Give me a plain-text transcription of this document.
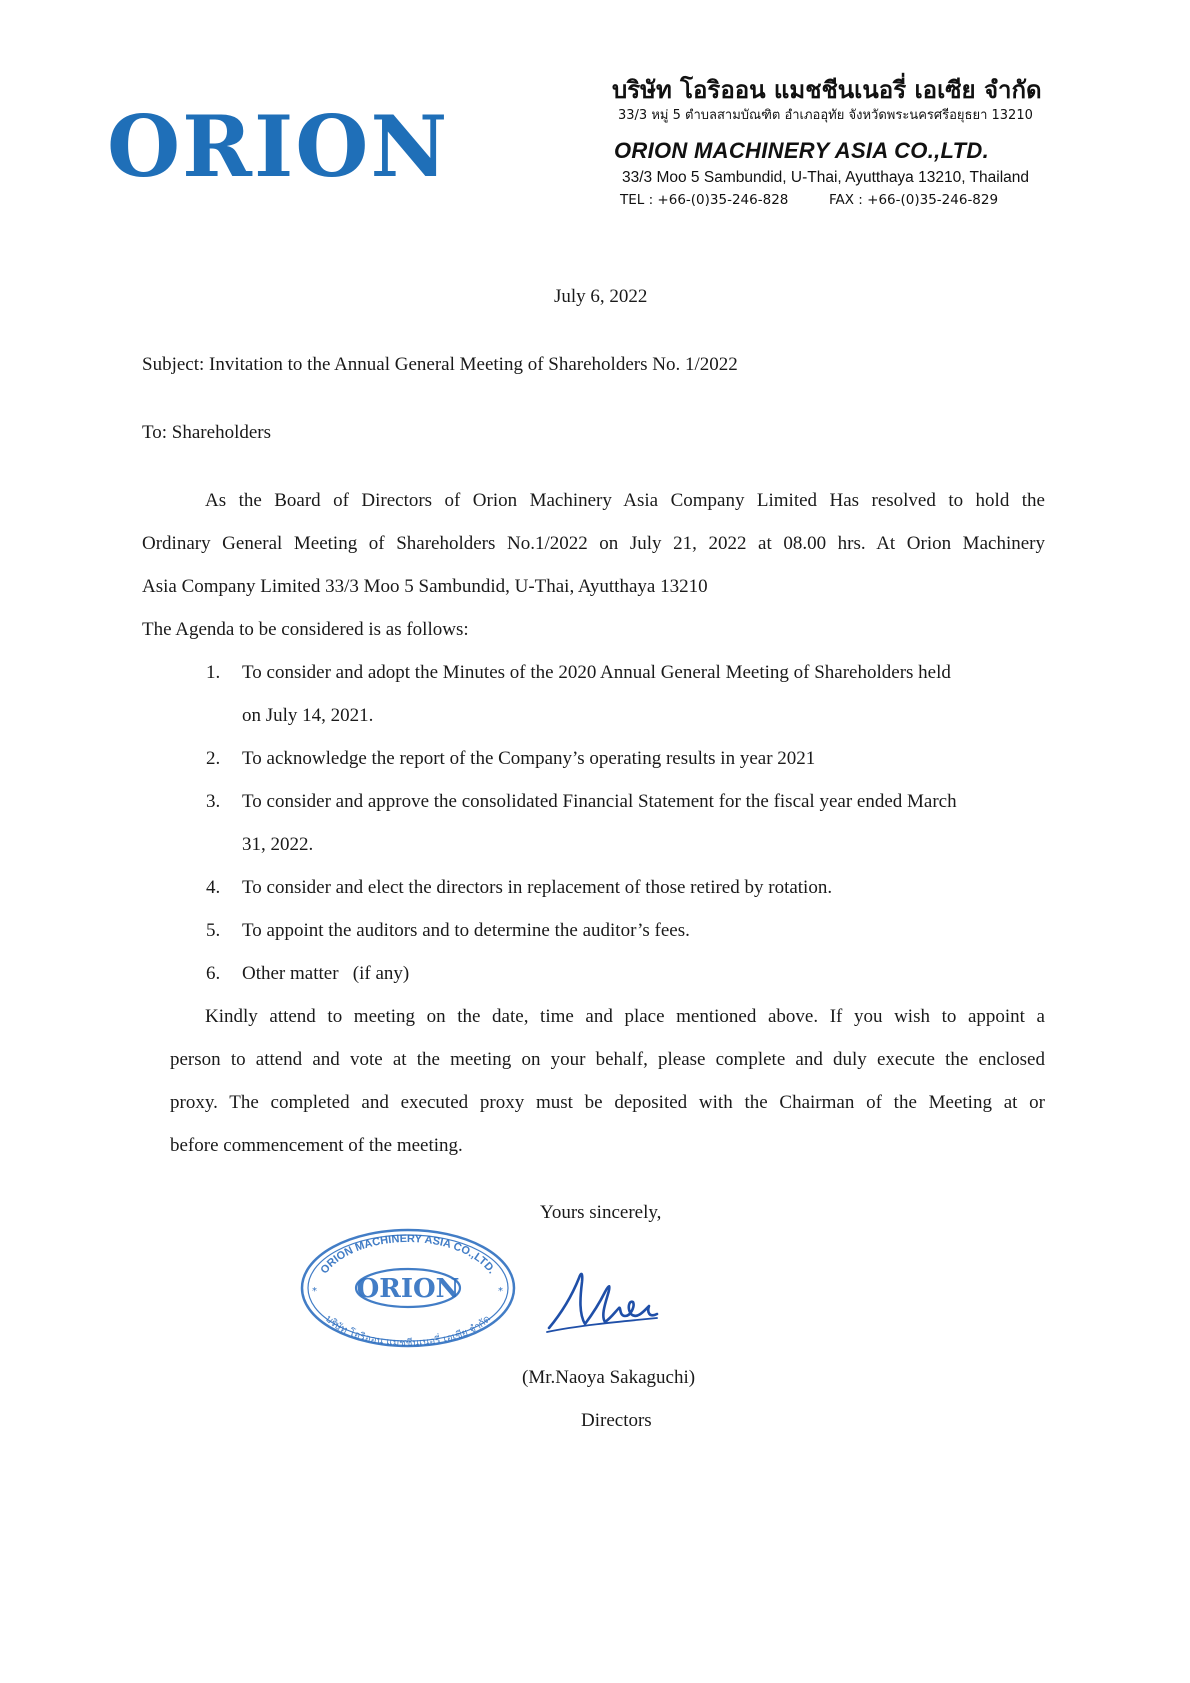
ORION
บริษัท โอริออน แมชชีนเนอรี่ เอเซีย จำกัด
33/3 หมู่ 5 ตำบลสามบัณฑิต อำเภออุทัย จังหวัดพระนครศรีอยุธยา 13210
ORION MACHINERY ASIA CO.,LTD.
33/3 Moo 5 Sambundid, U-Thai, Ayutthaya 13210, Thailand
TEL : +66-(0)35-246-828	FAX : +66-(0)35-246-829
July 6, 2022
Subject: Invitation to the Annual General Meeting of Shareholders No. 1/2022
To: Shareholders
As the Board of Directors of Orion Machinery Asia Company Limited Has resolved to hold the
Ordinary General Meeting of Shareholders No.1/2022 on July 21, 2022 at 08.00 hrs. At Orion Machinery
Asia Company Limited 33/3 Moo 5 Sambundid, U-Thai, Ayutthaya 13210
The Agenda to be considered is as follows:
1. To consider and adopt the Minutes of the 2020 Annual General Meeting of Shareholders held
on July 14, 2021.
2. To acknowledge the report of the Company’s operating results in year 2021
3. To consider and approve the consolidated Financial Statement for the fiscal year ended March
31, 2022.
4. To consider and elect the directors in replacement of those retired by rotation.
5. To appoint the auditors and to determine the auditor’s fees.
6. Other matter   (if any)
Kindly attend to meeting on the date, time and place mentioned above. If you wish to appoint a
person to attend and vote at the meeting on your behalf, please complete and duly execute the enclosed
proxy. The completed and executed proxy must be deposited with the Chairman of the Meeting at or
before commencement of the meeting.
Yours sincerely,
ORION MACHINERY ASIA CO.,LTD.
ORION
บริษัท โอริออน แมชชีนเนอรี่ เอเซีย จำกัด
*	*
(Mr.Naoya Sakaguchi)
Directors
